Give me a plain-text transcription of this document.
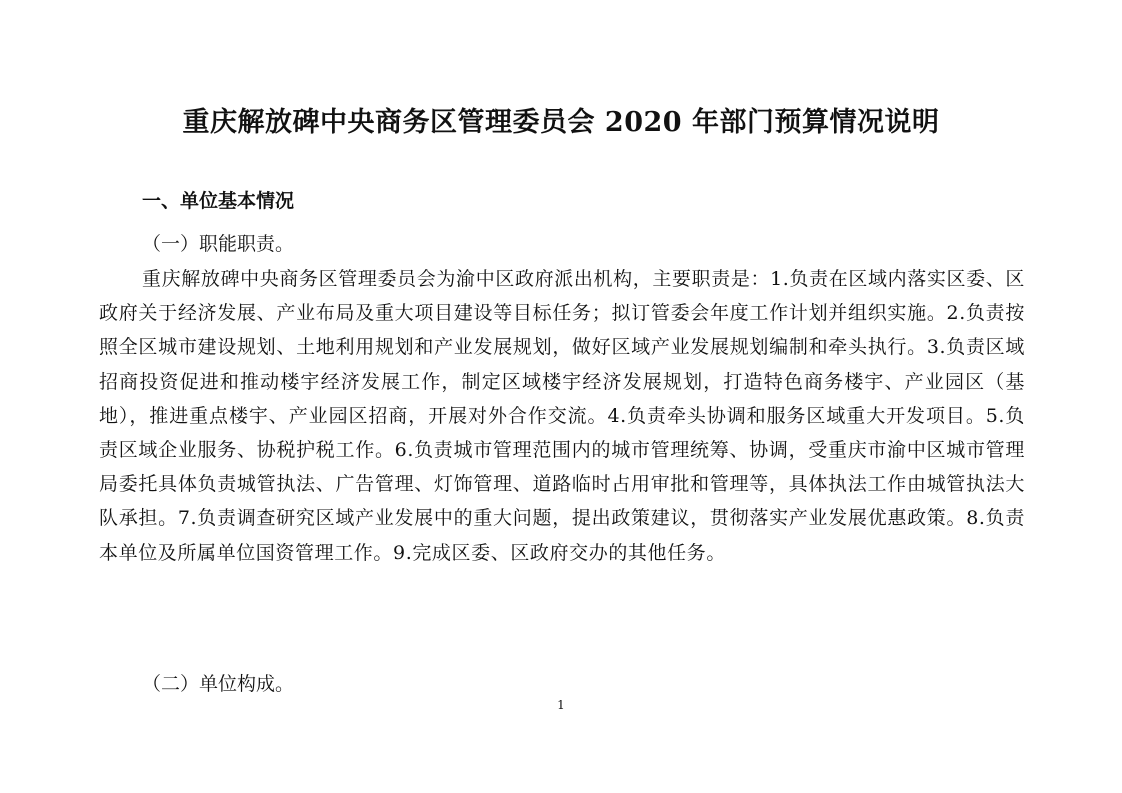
重庆解放碑中央商务区管理委员会 2020 年部门预算情况说明
一、单位基本情况
（一）职能职责。
重庆解放碑中央商务区管理委员会为渝中区政府派出机构，主要职责是：1.负责在区域内落实区委、区政府关于经济发展、产业布局及重大项目建设等目标任务；拟订管委会年度工作计划并组织实施。2.负责按照全区城市建设规划、土地利用规划和产业发展规划，做好区域产业发展规划编制和牵头执行。3.负责区域招商投资促进和推动楼宇经济发展工作，制定区域楼宇经济发展规划，打造特色商务楼宇、产业园区（基地），推进重点楼宇、产业园区招商，开展对外合作交流。4.负责牵头协调和服务区域重大开发项目。5.负责区域企业服务、协税护税工作。6.负责城市管理范围内的城市管理统筹、协调，受重庆市渝中区城市管理局委托具体负责城管执法、广告管理、灯饰管理、道路临时占用审批和管理等，具体执法工作由城管执法大队承担。7.负责调查研究区域产业发展中的重大问题，提出政策建议，贯彻落实产业发展优惠政策。8.负责本单位及所属单位国资管理工作。9.完成区委、区政府交办的其他任务。
（二）单位构成。
1
